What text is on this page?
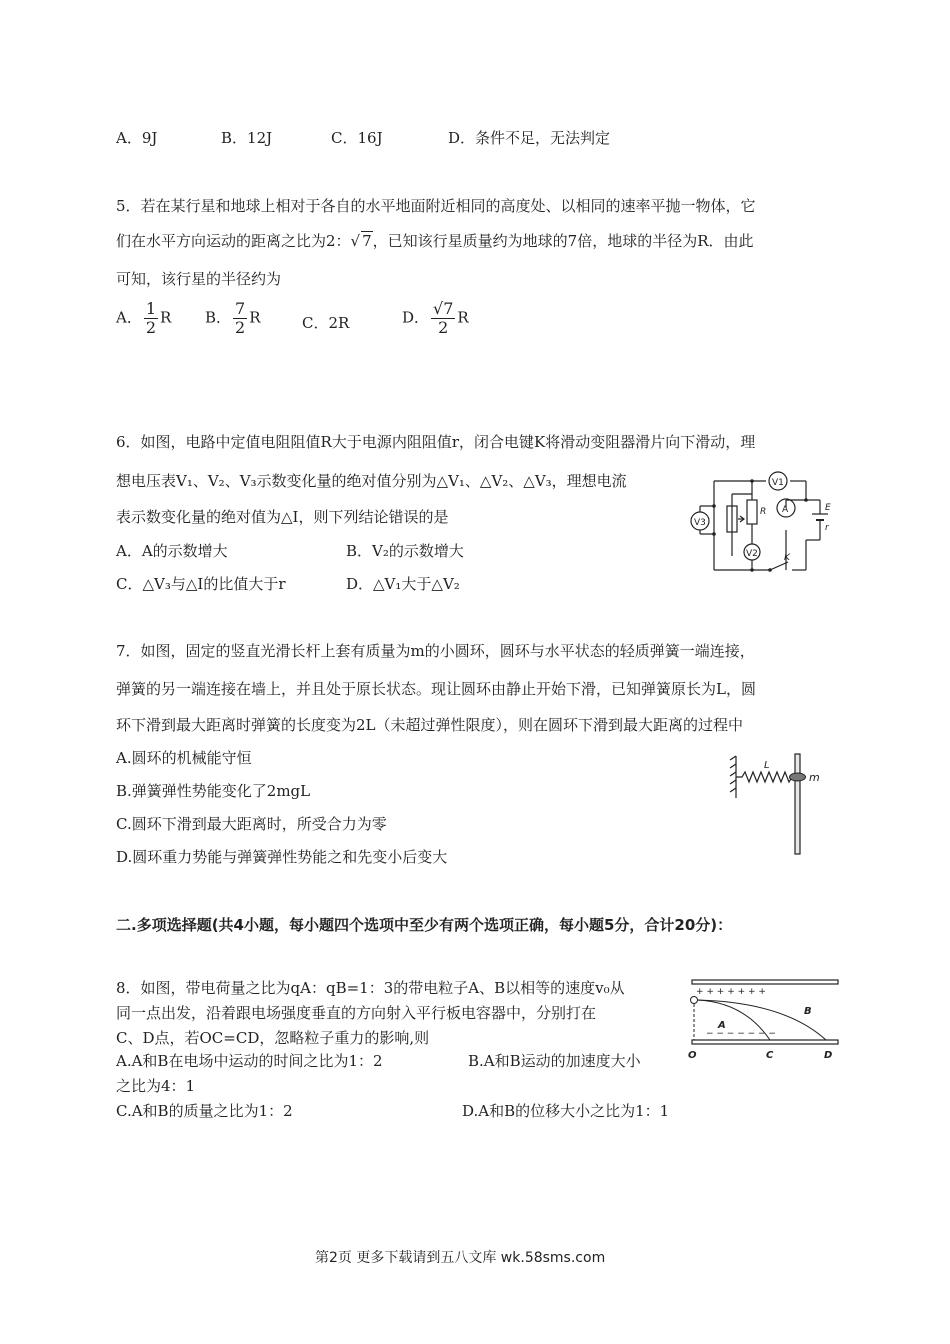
A．9J	B．12J	C．16J	D．条件不足，无法判定
5．若在某行星和地球上相对于各自的水平地面附近相同的高度处、以相同的速率平抛一物体，它
们在水平方向运动的距离之比为2：√ 7，已知该行星质量约为地球的7倍，地球的半径为R．由此
可知，该行星的半径约为
A． $\frac{1}{2}$ R B． $\frac{7}{2}$ R	C．2R	D． $\frac{√7}{2}$ R
6．如图，电路中定值电阻阻值R大于电源内阻阻值r，闭合电键K将滑动变阻器滑片向下滑动，理
想电压表V₁、V₂、V₃示数变化量的绝对值分别为△V₁、△V₂、△V₃，理想电流
表示数变化量的绝对值为△I，则下列结论错误的是
A．A的示数增大	B．V₂的示数增大
C．△V₃与△I的比值大于r	D．△V₁大于△V₂
V1
A
V2
V3
R	E
r
K
7．如图，固定的竖直光滑长杆上套有质量为m的小圆环，圆环与水平状态的轻质弹簧一端连接，
弹簧的另一端连接在墙上，并且处于原长状态。现让圆环由静止开始下滑，已知弹簧原长为L，圆
环下滑到最大距离时弹簧的长度变为2L（未超过弹性限度），则在圆环下滑到最大距离的过程中
A.圆环的机械能守恒
B.弹簧弹性势能变化了2mgL
C.圆环下滑到最大距离时，所受合力为零
D.圆环重力势能与弹簧弹性势能之和先变小后变大
L
m
二.多项选择题(共4小题，每小题四个选项中至少有两个选项正确，每小题5分，合计20分)：
8．如图，带电荷量之比为qA：qB=1：3的带电粒子A、B以相等的速度v₀从
同一点出发，沿着跟电场强度垂直的方向射入平行板电容器中，分别打在
C、D点，若OC=CD，忽略粒子重力的影响,则
A.A和B在电场中运动的时间之比为1：2	B.A和B运动的加速度大小
之比为4：1
C.A和B的质量之比为1：2	D.A和B的位移大小之比为1：1
+ + + + + + +
− − − − − − −
A
B
O	C	D
第2页 更多下载请到五八文库 wk.58sms.com
